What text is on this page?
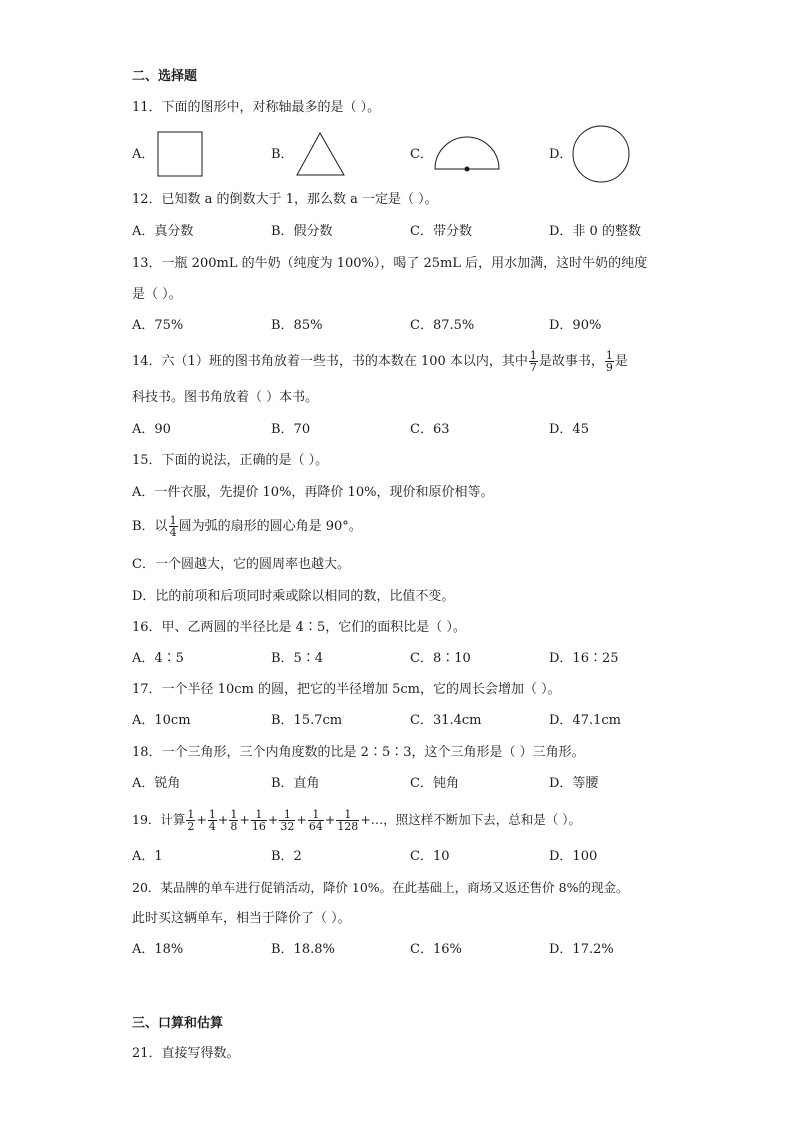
二、选择题
11．下面的图形中，对称轴最多的是（ ）。
A．	B．	C．	D．
12．已知数 a 的倒数大于 1，那么数 a 一定是（ ）。
A．真分数	B．假分数	C．带分数	D．非 0 的整数
13．一瓶 200mL 的牛奶（纯度为 100%），喝了 25mL 后，用水加满，这时牛奶的纯度
是（ ）。
A．75%	B．85%	C．87.5%	D．90%
14．六（1）班的图书角放着一些书，书的本数在 100 本以内，其中 $\frac{1}{7}$ 是故事书， $\frac{1}{9}$ 是
科技书。图书角放着（ ）本书。
A．90	B．70	C．63	D．45
15．下面的说法，正确的是（ ）。
A．一件衣服，先提价 10%，再降价 10%，现价和原价相等。
B．以 $\frac{1}{4}$ 圆为弧的扇形的圆心角是 90°。
C．一个圆越大，它的圆周率也越大。
D．比的前项和后项同时乘或除以相同的数，比值不变。
16．甲、乙两圆的半径比是 4∶5，它们的面积比是（ ）。
A．4∶5	B．5∶4	C．8∶10	D．16∶25
17．一个半径 10cm 的圆，把它的半径增加 5cm，它的周长会增加（ ）。
A．10cm	B．15.7cm	C．31.4cm	D．47.1cm
18．一个三角形，三个内角度数的比是 2∶5∶3，这个三角形是（ ）三角形。
A．锐角	B．直角	C．钝角	D．等腰
19．计算 $\frac{1}{2} + \frac{1}{4} + \frac{1}{8} + \frac{1}{16} + \frac{1}{32} + \frac{1}{64} + \frac{1}{128}$ +…，照这样不断加下去，总和是（ ）。
A．1	B．2	C．10	D．100
20．某品牌的单车进行促销活动，降价 10%。在此基础上，商场又返还售价 8%的现金。
此时买这辆单车，相当于降价了（ ）。
A．18%	B．18.8%	C．16%	D．17.2%
三、口算和估算
21．直接写得数。
